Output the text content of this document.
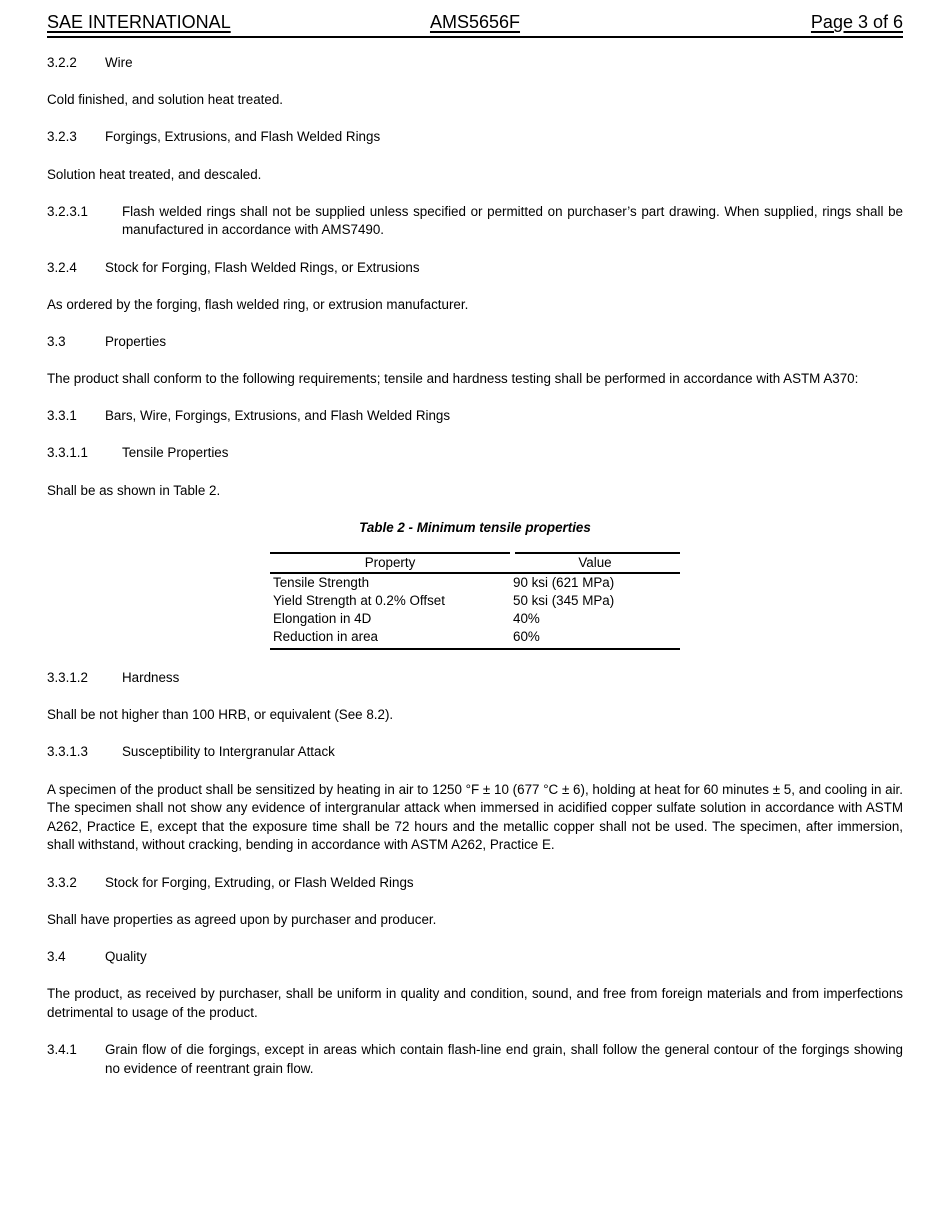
SAE INTERNATIONAL	AMS5656F	Page 3 of 6

3.2.2	Wire

Cold finished, and solution heat treated.

3.2.3	Forgings, Extrusions, and Flash Welded Rings

Solution heat treated, and descaled.

3.2.3.1	Flash welded rings shall not be supplied unless specified or permitted on purchaser’s part drawing. When supplied, rings shall be manufactured in accordance with AMS7490.

3.2.4	Stock for Forging, Flash Welded Rings, or Extrusions

As ordered by the forging, flash welded ring, or extrusion manufacturer.

3.3	Properties

The product shall conform to the following requirements; tensile and hardness testing shall be performed in accordance with ASTM A370:

3.3.1	Bars, Wire, Forgings, Extrusions, and Flash Welded Rings

3.3.1.1	Tensile Properties

Shall be as shown in Table 2.

Table 2 - Minimum tensile properties

Property	Value
Tensile Strength	90 ksi (621 MPa)
Yield Strength at 0.2% Offset	50 ksi (345 MPa)
Elongation in 4D	40%
Reduction in area	60%

3.3.1.2	Hardness

Shall be not higher than 100 HRB, or equivalent (See 8.2).

3.3.1.3	Susceptibility to Intergranular Attack

A specimen of the product shall be sensitized by heating in air to 1250 °F ± 10 (677 °C ± 6), holding at heat for 60 minutes ± 5, and cooling in air. The specimen shall not show any evidence of intergranular attack when immersed in acidified copper sulfate solution in accordance with ASTM A262, Practice E, except that the exposure time shall be 72 hours and the metallic copper shall not be used. The specimen, after immersion, shall withstand, without cracking, bending in accordance with ASTM A262, Practice E.

3.3.2	Stock for Forging, Extruding, or Flash Welded Rings

Shall have properties as agreed upon by purchaser and producer.

3.4	Quality

The product, as received by purchaser, shall be uniform in quality and condition, sound, and free from foreign materials and from imperfections detrimental to usage of the product.

3.4.1	Grain flow of die forgings, except in areas which contain flash-line end grain, shall follow the general contour of the forgings showing no evidence of reentrant grain flow.
